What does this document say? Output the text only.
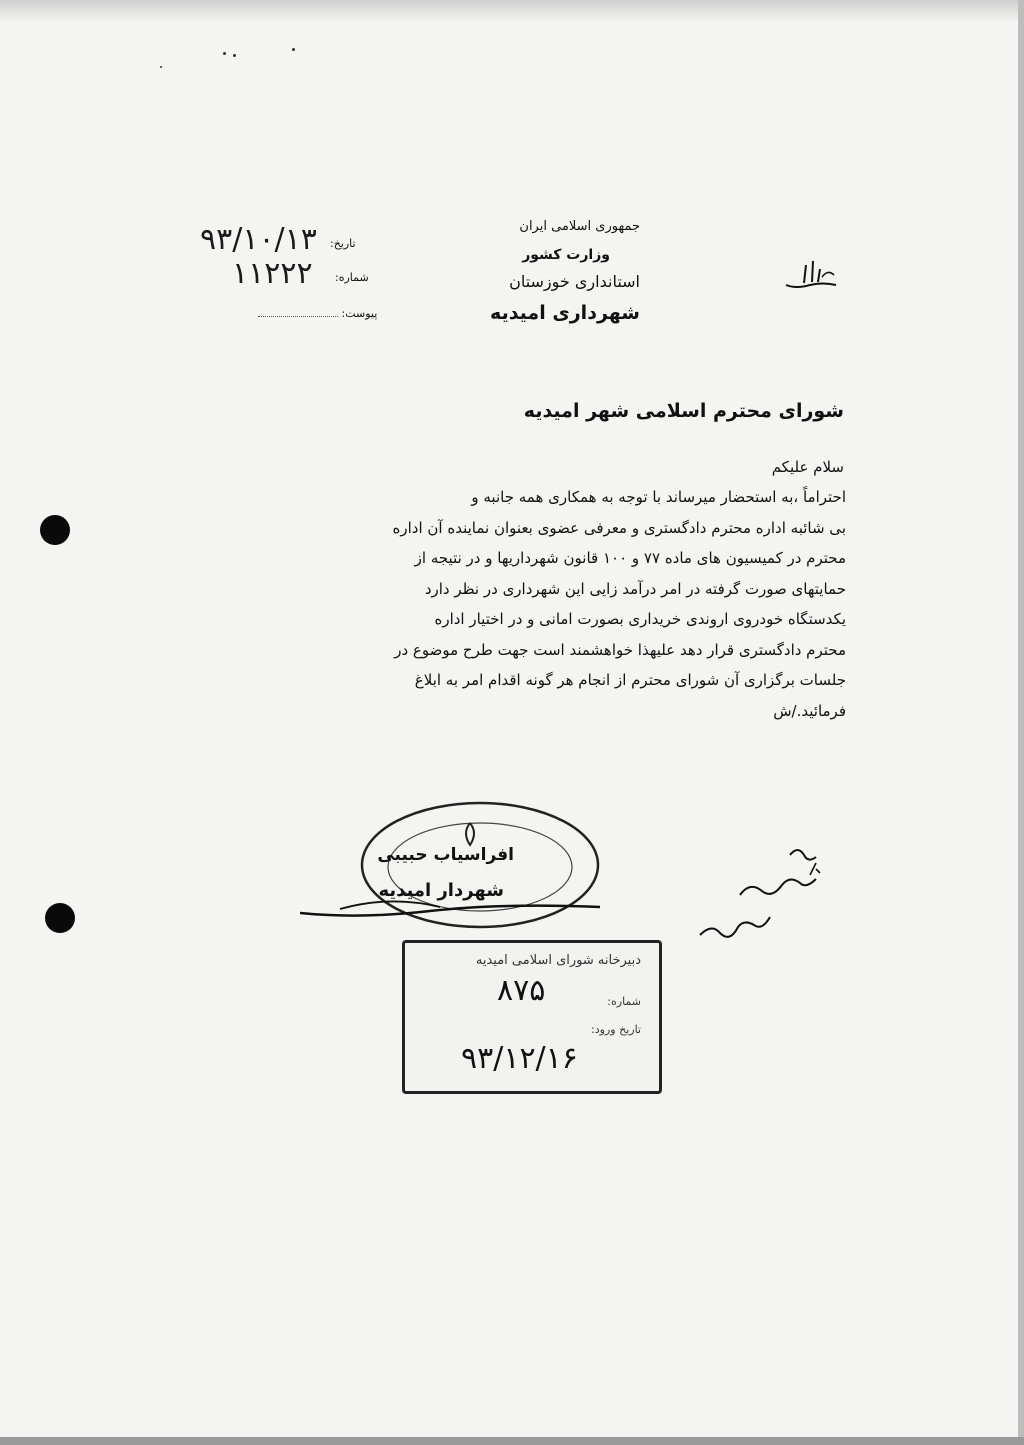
جمهوری اسلامی ایران
وزارت کشور
استانداری خوزستان
شهرداری امیدیه
تاریخ:
۹۳/۱۰/۱۳
شماره:
۱۱۲۲۲
پیوست:
شورای محترم اسلامی شهر امیدیه
سلام علیکم
احتراماً ،به استحضار میرساند با توجه به همکاری همه جانبه و
بی شائبه اداره محترم دادگستری و معرفی عضوی بعنوان نماینده آن اداره
محترم در کمیسیون های ماده ۷۷ و ۱۰۰ قانون شهرداریها و در نتیجه از
حمایتهای صورت گرفته در امر درآمد زایی این شهرداری در نظر دارد
یکدستگاه خودروی اروندی خریداری بصورت امانی و در اختیار اداره
محترم دادگستری قرار دهد علیهذا خواهشمند است جهت طرح موضوع در
جلسات برگزاری آن شورای محترم از انجام هر گونه اقدام امر به ابلاغ
فرمائید./ش
افراسیاب حبیبی
شهردار امیدیه
دبیرخانه شورای اسلامی امیدیه
شماره:
۸۷۵
تاریخ ورود:
۹۳/۱۲/۱۶
